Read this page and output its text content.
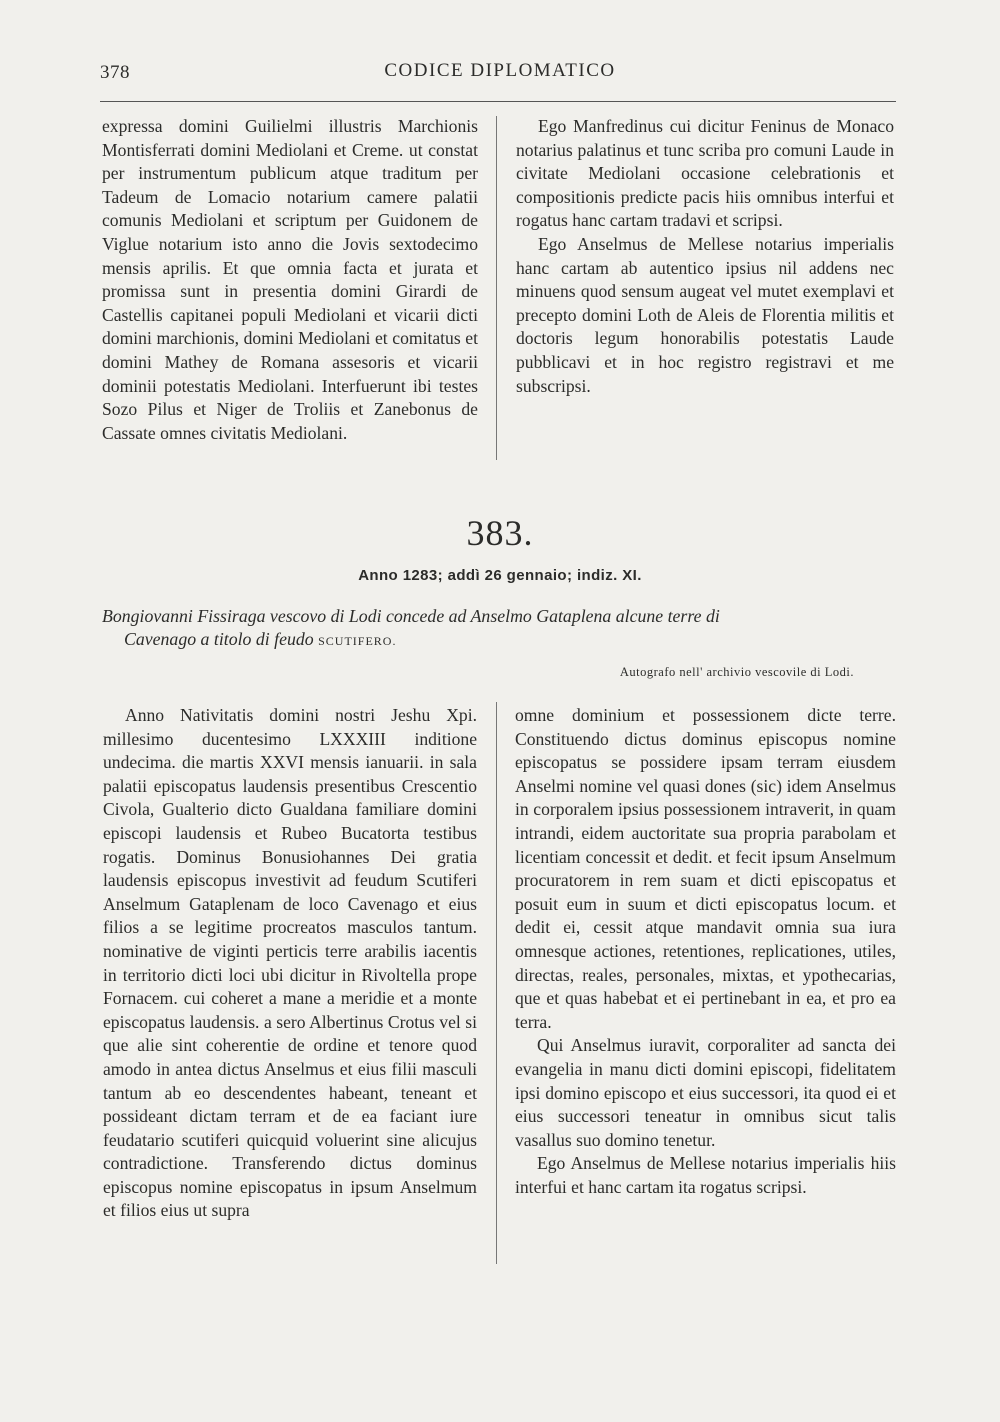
378	CODICE DIPLOMATICO

expressa domini Guilielmi illustris Marchionis Montisferrati domini Mediolani et Creme. ut constat per instrumentum publicum atque traditum per Tadeum de Lomacio notarium camere palatii comunis Mediolani et scriptum per Guidonem de Viglue notarium isto anno die Jovis sextodecimo mensis aprilis. Et que omnia facta et jurata et promissa sunt in presentia domini Girardi de Castellis capitanei populi Mediolani et vicarii dicti domini marchionis, domini Mediolani et comitatus et domini Mathey de Romana assesoris et vicarii dominii potestatis Mediolani. Interfuerunt ibi testes Sozo Pilus et Niger de Troliis et Zanebonus de Cassate omnes civitatis Mediolani.

Ego Manfredinus cui dicitur Feninus de Monaco notarius palatinus et tunc scriba pro comuni Laude in civitate Mediolani occasione celebrationis et compositionis predicte pacis hiis omnibus interfui et rogatus hanc cartam tradavi et scripsi.

Ego Anselmus de Mellese notarius imperialis hanc cartam ab autentico ipsius nil addens nec minuens quod sensum augeat vel mutet exemplavi et precepto domini Loth de Aleis de Florentia militis et doctoris legum honorabilis potestatis Laude pubblicavi et in hoc registro registravi et me subscripsi.

383.
Anno 1283; addì 26 gennaio; indiz. XI.
Bongiovanni Fissiraga vescovo di Lodi concede ad Anselmo Gataplena alcune terre di
Cavenago a titolo di feudo SCUTIFERO.
Autografo nell' archivio vescovile di Lodi.

Anno Nativitatis domini nostri Jeshu Xpi. millesimo ducentesimo LXXXIII inditione undecima. die martis XXVI mensis ianuarii. in sala palatii episcopatus laudensis presentibus Crescentio Civola, Gualterio dicto Gualdana familiare domini episcopi laudensis et Rubeo Bucatorta testibus rogatis. Dominus Bonusiohannes Dei gratia laudensis episcopus investivit ad feudum Scutiferi Anselmum Gataplenam de loco Cavenago et eius filios a se legitime procreatos masculos tantum. nominative de viginti perticis terre arabilis iacentis in territorio dicti loci ubi dicitur in Rivoltella prope Fornacem. cui coheret a mane a meridie et a monte episcopatus laudensis. a sero Albertinus Crotus vel si que alie sint coherentie de ordine et tenore quod amodo in antea dictus Anselmus et eius filii masculi tantum ab eo descendentes habeant, teneant et possideant dictam terram et de ea faciant iure feudatario scutiferi quicquid voluerint sine alicujus contradictione. Transferendo dictus dominus episcopus nomine episcopatus in ipsum Anselmum et filios eius ut supra

omne dominium et possessionem dicte terre. Constituendo dictus dominus episcopus nomine episcopatus se possidere ipsam terram eiusdem Anselmi nomine vel quasi dones (sic) idem Anselmus in corporalem ipsius possessionem intraverit, in quam intrandi, eidem auctoritate sua propria parabolam et licentiam concessit et dedit. et fecit ipsum Anselmum procuratorem in rem suam et dicti episcopatus et posuit eum in suum et dicti episcopatus locum. et dedit ei, cessit atque mandavit omnia sua iura omnesque actiones, retentiones, replicationes, utiles, directas, reales, personales, mixtas, et ypothecarias, que et quas habebat et ei pertinebant in ea, et pro ea terra.

Qui Anselmus iuravit, corporaliter ad sancta dei evangelia in manu dicti domini episcopi, fidelitatem ipsi domino episcopo et eius successori, ita quod ei et eius successori teneatur in omnibus sicut talis vasallus suo domino tenetur.

Ego Anselmus de Mellese notarius imperialis hiis interfui et hanc cartam ita rogatus scripsi.
